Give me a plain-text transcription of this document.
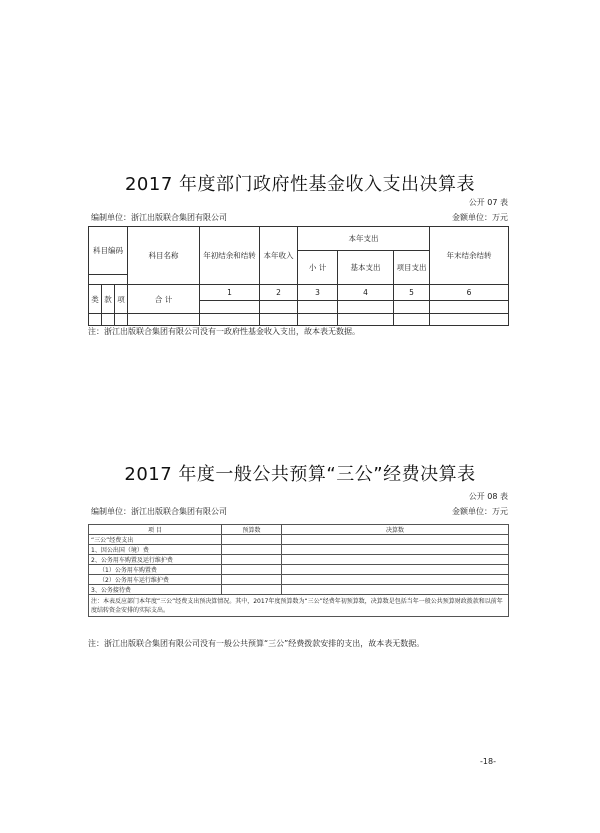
2017 年度部门政府性基金收入支出决算表
公开 07 表
编制单位：浙江出版联合集团有限公司	金额单位：万元
科目编码			科目名称	年初结余和结转	本年收入	本年支出			年末结余结转
						小 计	基本支出	项目支出	

类	款	项	合 计	1	2	3	4	5	6

注：浙江出版联合集团有限公司没有一政府性基金收入支出，故本表无数据。
2017 年度一般公共预算“三公”经费决算表
公开 08 表
编制单位：浙江出版联合集团有限公司	金额单位：万元
项 目	预算数	决算数
“三公”经费支出		
1、因公出国（境）费		
2、公务用车购置及运行维护费		
（1）公务用车购置费		
（2）公务用车运行维护费		
3、公务接待费		
注：本表反应部门本年度“三公”经费支出预决算情况。其中，2017年度预算数为“三公”经费年初预算数，决算数是包括当年一般公共预算财政拨款和以前年度结转资金安排的实际支出。		
注：浙江出版联合集团有限公司没有一般公共预算“三公”经费拨款安排的支出，故本表无数据。
-18-
